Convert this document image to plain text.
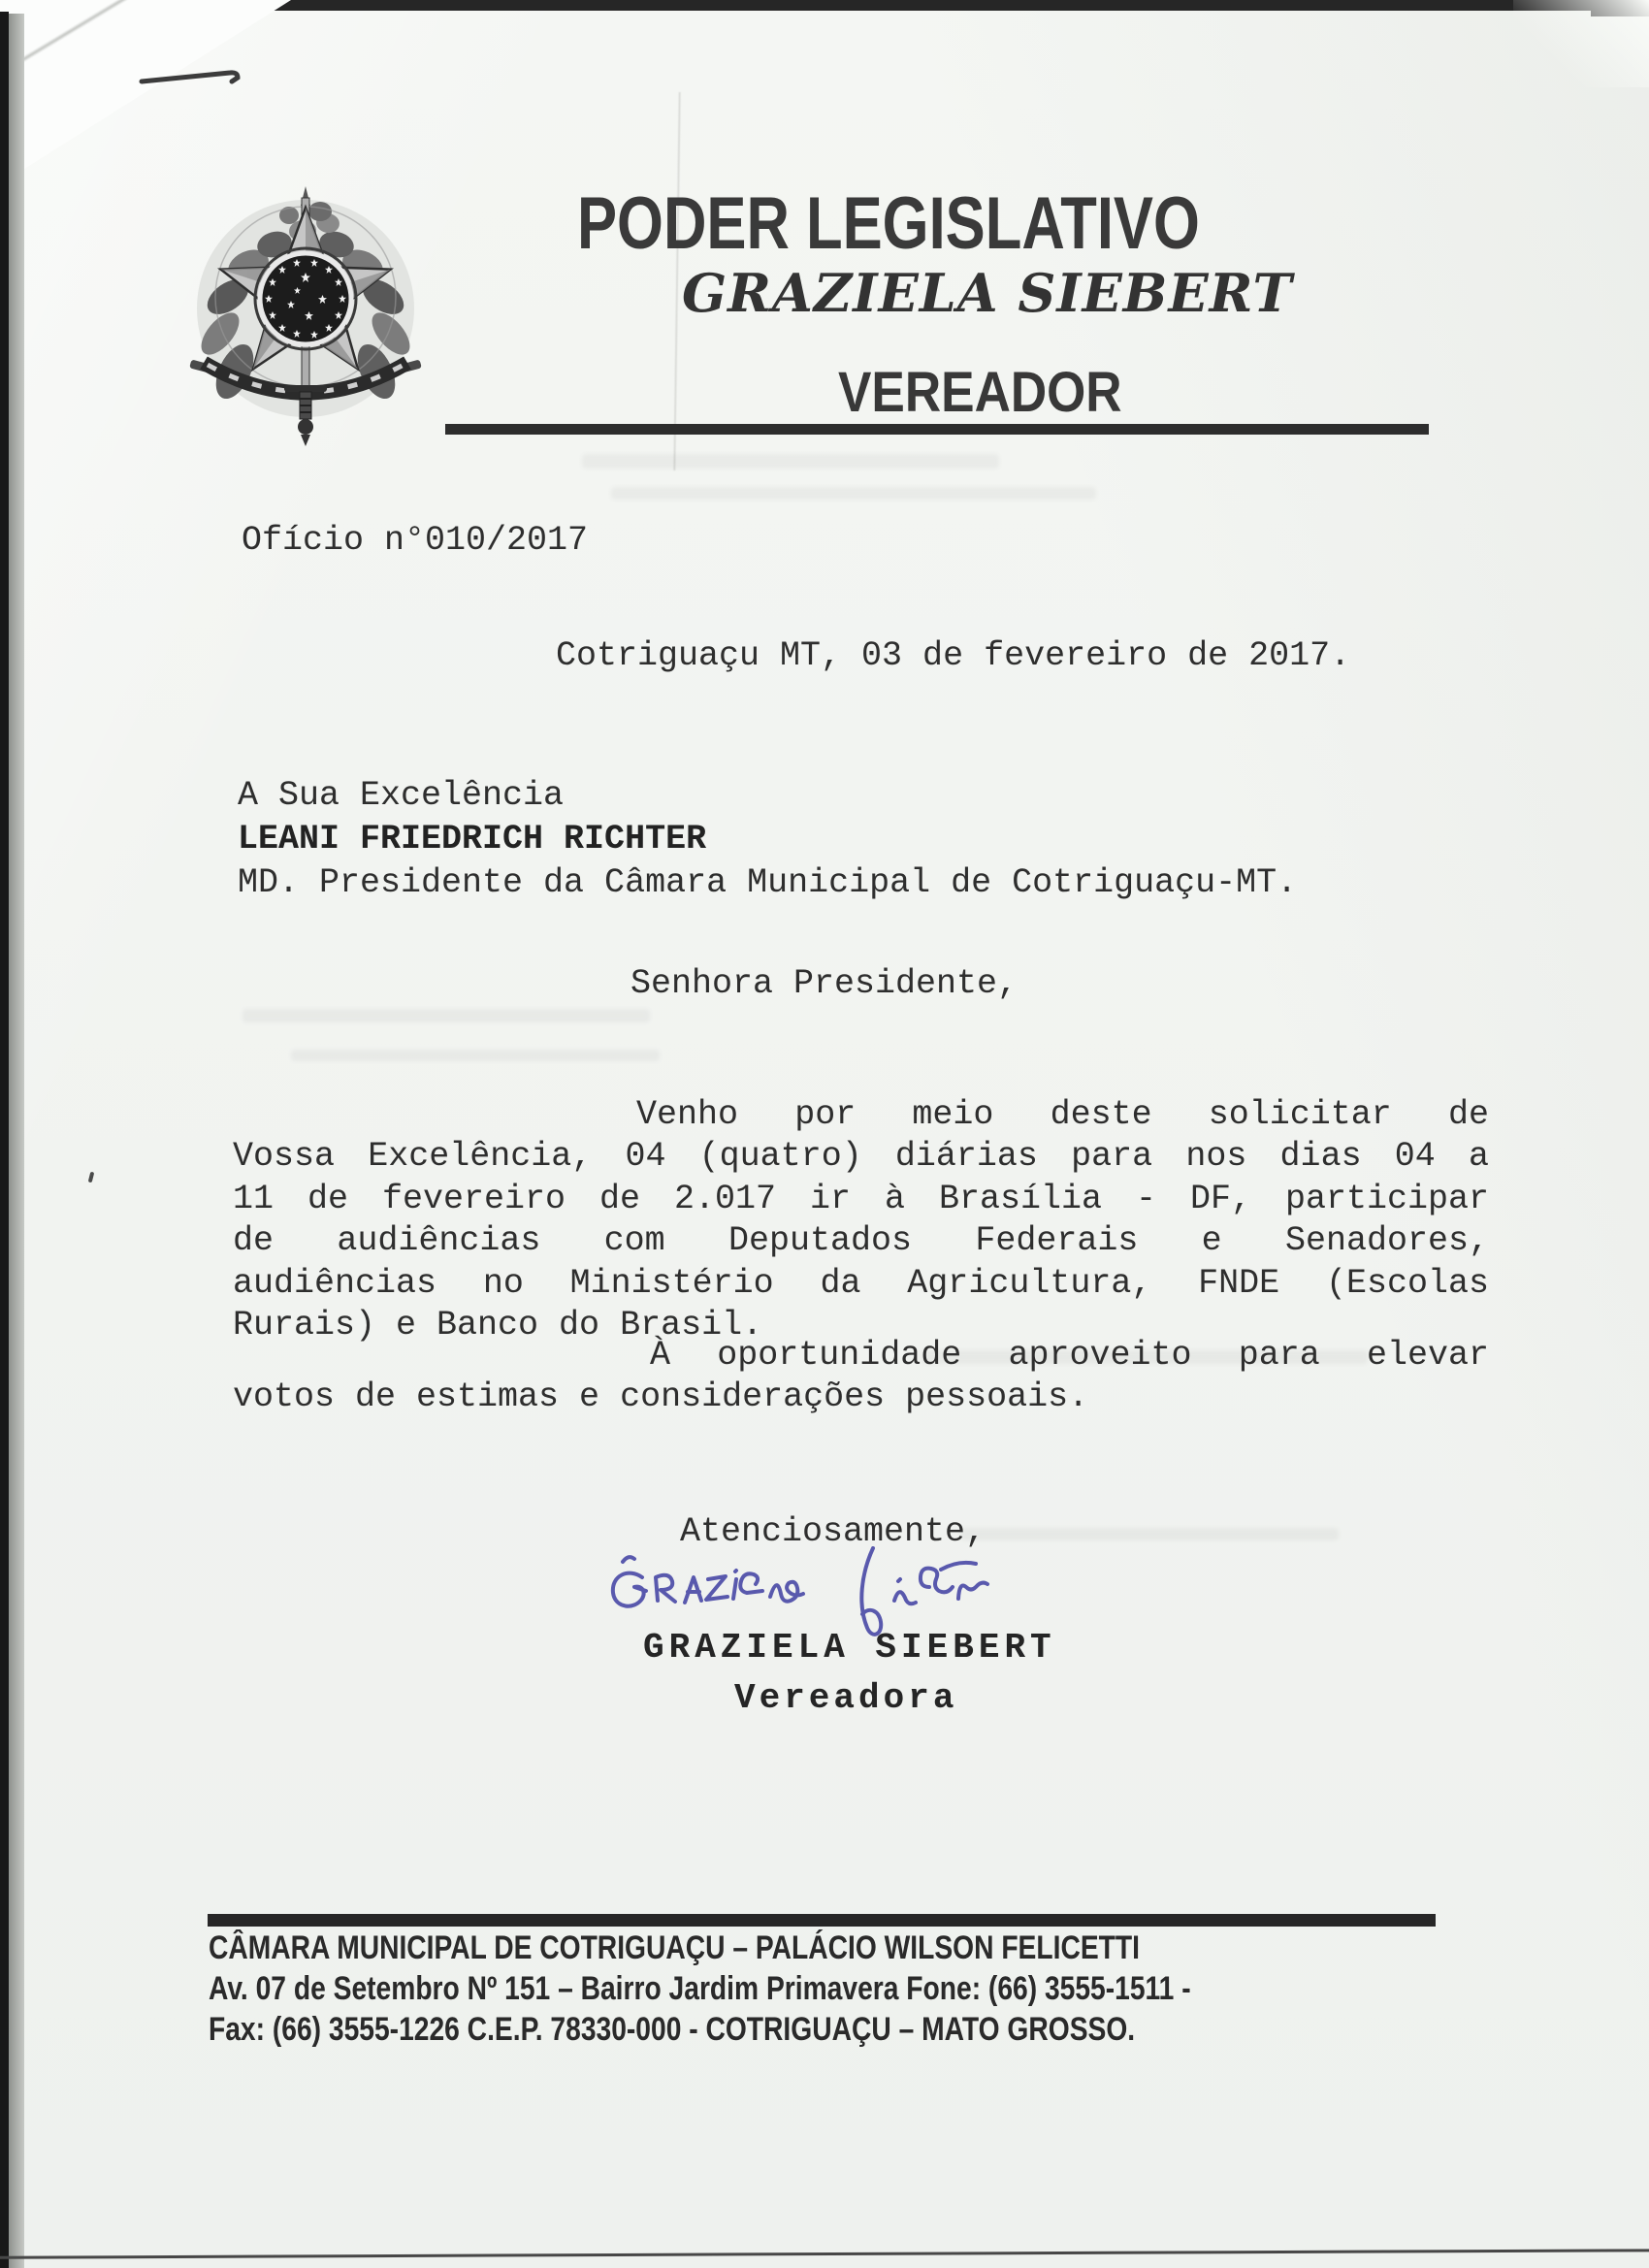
PODER LEGISLATIVO
GRAZIELA SIEBERT
VEREADOR
Ofício n°010/2017
Cotriguaçu MT, 03 de fevereiro de 2017.
A Sua Excelência
LEANI FRIEDRICH RICHTER
MD. Presidente da Câmara Municipal de Cotriguaçu-MT.
Senhora Presidente,
Venho por meio deste solicitar de
Vossa Excelência, 04 (quatro) diárias para nos dias 04 a
11 de fevereiro de 2.017 ir à Brasília - DF, participar
de audiências com Deputados Federais e Senadores,
audiências no Ministério da Agricultura, FNDE (Escolas
Rurais) e Banco do Brasil.
À oportunidade aproveito para elevar
votos de estimas e considerações pessoais.
Atenciosamente,
GRAZIELA SIEBERT
Vereadora
CÂMARA MUNICIPAL DE COTRIGUAÇU – PALÁCIO WILSON FELICETTI
Av. 07 de Setembro Nº 151 – Bairro Jardim Primavera Fone: (66) 3555-1511 -
Fax: (66) 3555-1226 C.E.P. 78330-000 - COTRIGUAÇU – MATO GROSSO.
